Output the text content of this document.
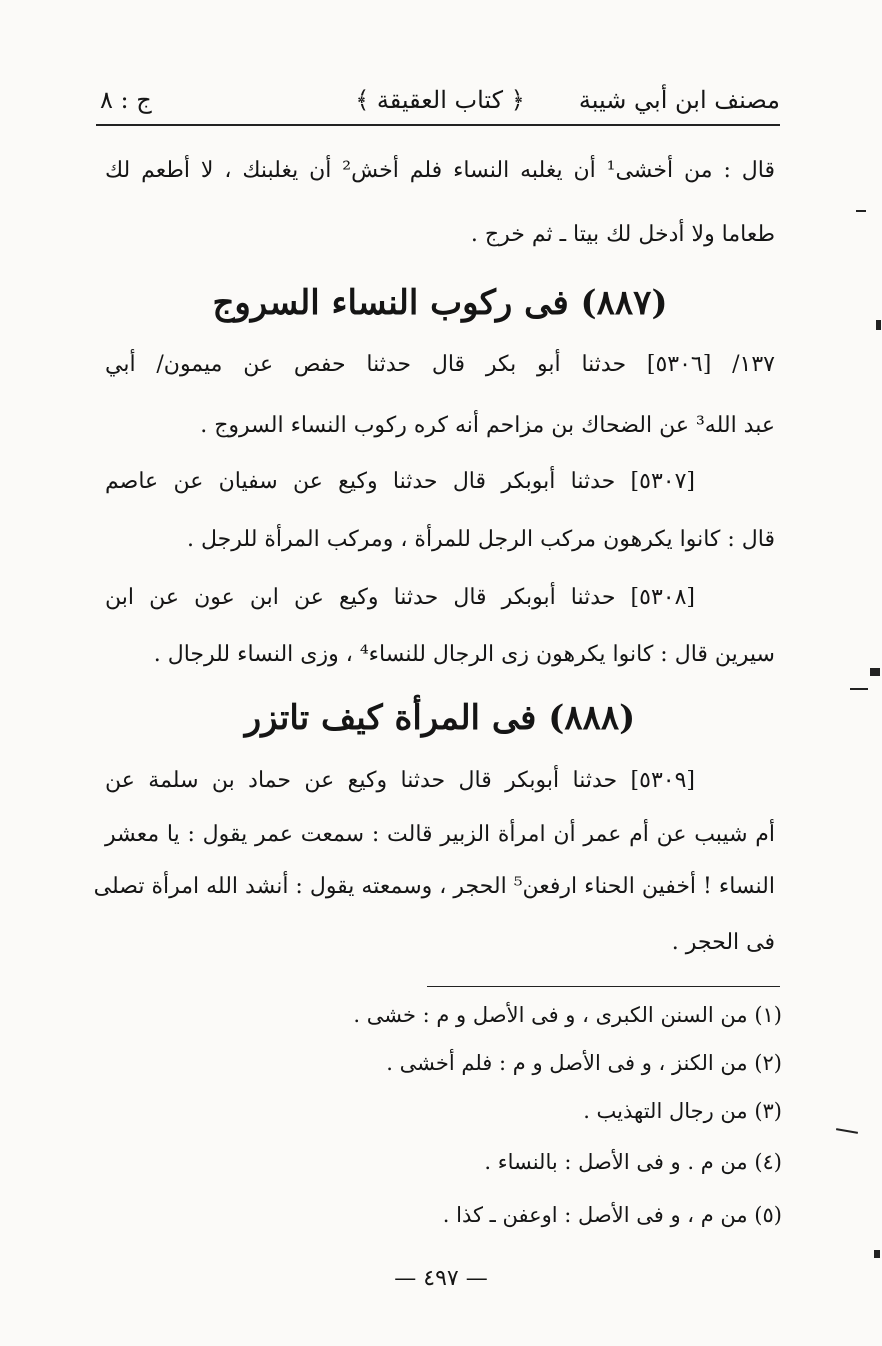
مصنف ابن أبي شيبة
﴿ كتاب العقيقة ﴾
ج : ٨
قال : من أخشى¹ أن يغلبه النساء فلم أخش² أن يغلبنك ، لا أطعم لك
طعاما ولا أدخل لك بيتا ـ ثم خرج .
(٨٨٧) فى ركوب النساء السروج
١٣٧/ [٥٣٠٦] حدثنا أبو بكر قال حدثنا حفص عن ميمون/ أبي
عبد الله³ عن الضحاك بن مزاحم أنه كره ركوب النساء السروج .
[٥٣٠٧] حدثنا أبوبكر قال حدثنا وكيع عن سفيان عن عاصم
قال : كانوا يكرهون مركب الرجل للمرأة ، ومركب المرأة للرجل .
[٥٣٠٨] حدثنا أبوبكر قال حدثنا وكيع عن ابن عون عن ابن
سيرين قال : كانوا يكرهون زى الرجال للنساء⁴ ، وزى النساء للرجال .
(٨٨٨) فى المرأة كيف تاتزر
[٥٣٠٩] حدثنا أبوبكر قال حدثنا وكيع عن حماد بن سلمة عن
أم شيبب عن أم عمر أن امرأة الزبير قالت : سمعت عمر يقول : يا معشر
النساء ! أخفين الحناء ارفعن⁵ الحجر ، وسمعته يقول : أنشد الله امرأة تصلى
فى الحجر .
(١) من السنن الكبرى ، و فى الأصل و م : خشى .
(٢) من الكنز ، و فى الأصل و م : فلم أخشى .
(٣) من رجال التهذيب .
(٤) من م . و فى الأصل : بالنساء .
(٥) من م ، و فى الأصل : اوعفن ـ كذا .
— ٤٩٧ —
